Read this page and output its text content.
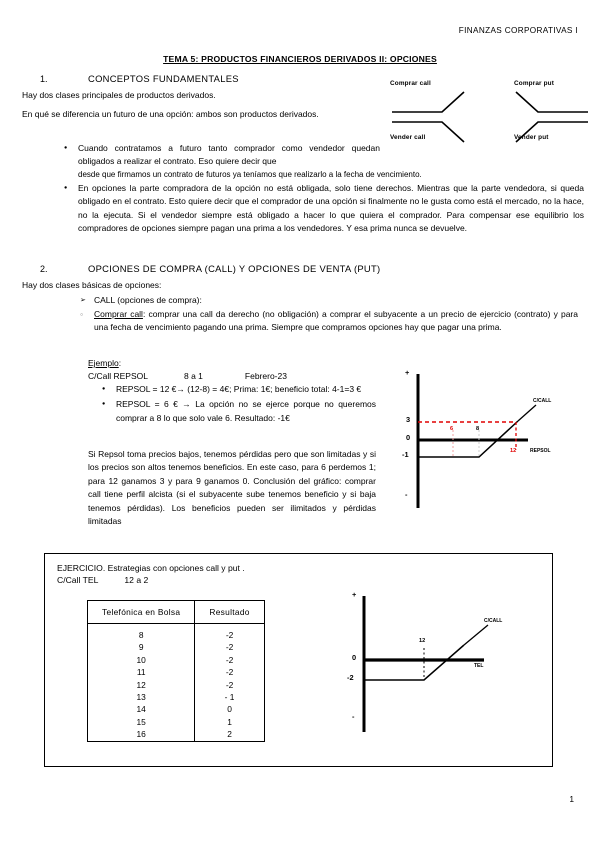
FINANZAS CORPORATIVAS I
TEMA 5: PRODUCTOS FINANCIEROS DERIVADOS II: OPCIONES
1.	CONCEPTOS FUNDAMENTALES
Hay dos clases principales de productos derivados.
En qué se diferencia un futuro de una opción: ambos son productos derivados.
● Cuando contratamos a futuro tanto comprador como vendedor quedan obligados a realizar el contrato. Eso quiere decir que
desde que firmamos un contrato de futuros ya teníamos que realizarlo a la fecha de vencimiento.
● En opciones la parte compradora de la opción no está obligada, solo tiene derechos. Mientras que la parte vendedora, si queda obligado en el contrato. Esto quiere decir que el comprador de una opción si finalmente no le gusta como está el mercado, no la hace, no la ejecuta. Si el vendedor siempre está obligado a hacer lo que quiera el comprador. Para compensar ese equilibrio los compradores de opciones siempre pagan una prima a los vendedores. Y esa prima nunca se devuelve.
Comprar call	Comprar put
Vender call	Vender put
2.	OPCIONES DE COMPRA (CALL) Y OPCIONES DE VENTA (PUT)
Hay dos clases básicas de opciones:
➢ CALL (opciones de compra):
○ Comprar call: comprar una call da derecho (no obligación) a comprar el subyacente a un precio de ejercicio (contrato) y para una fecha de vencimiento pagando una prima. Siempre que compramos opciones hay que pagar una prima.
Ejemplo:
C/Call REPSOL	8 a 1	Febrero-23
● REPSOL = 12 €→ (12-8) = 4€; Prima: 1€; beneficio total: 4-1=3 €
● REPSOL = 6 € → La opción no se ejerce porque no queremos comprar a 8 lo que solo vale 6. Resultado: -1€
Si Repsol toma precios bajos, tenemos pérdidas pero que son limitadas y si los precios son altos tenemos beneficios. En este caso, para 6 perdemos 1; para 12 ganamos 3 y para 9 ganamos 0. Conclusión del gráfico: comprar call tiene perfil alcista (si el subyacente sube tenemos beneficio y si baja tenemos pérdidas). Los beneficios pueden ser ilimitados y pérdidas limitadas
+
-
3
0
-1
6	8
12
C/CALL
REPSOL
EJERCICIO. Estrategias con opciones call y put .
C/Call TEL	12 a 2
Telefónica en Bolsa	Resultado

8	-2
9	-2
10	-2
11	-2
12	-2
13	- 1
14	0
15	1
16	2
+
-
0
-2
12
C/CALL
TEL
1
